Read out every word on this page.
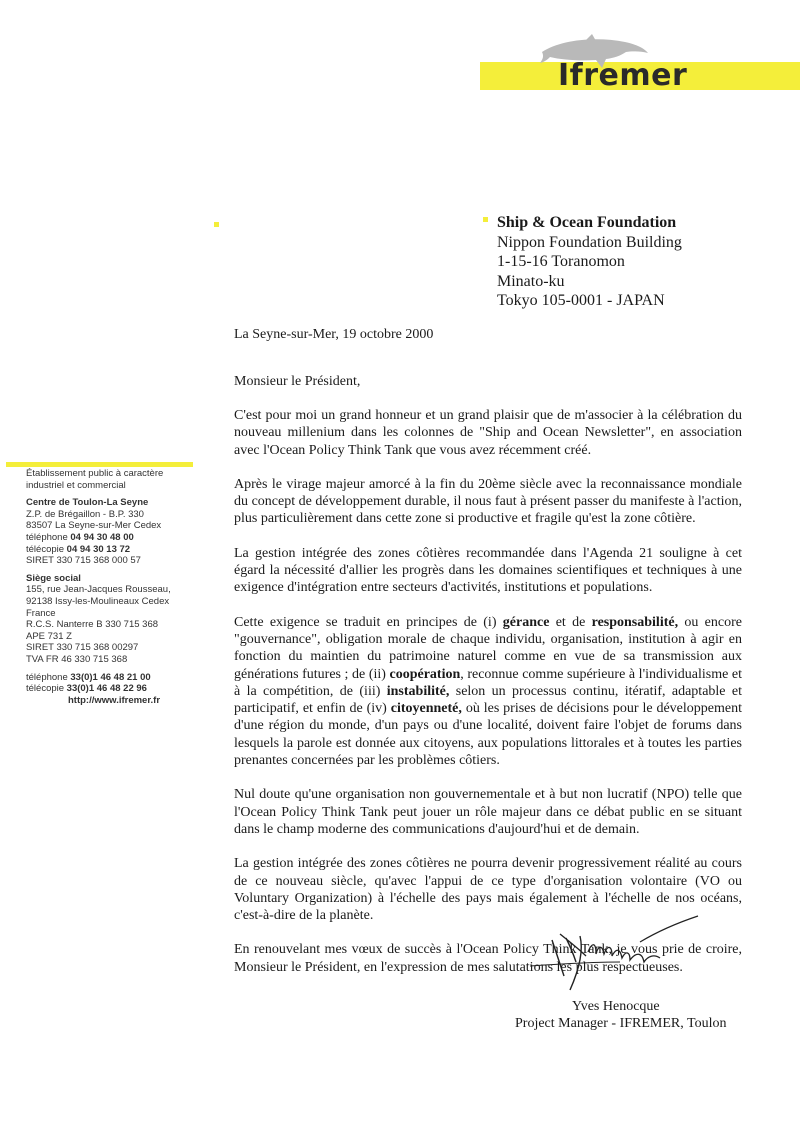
Ifremer
Ship & Ocean Foundation
Nippon Foundation Building
1-15-16 Toranomon
Minato-ku
Tokyo 105-0001 - JAPAN
La Seyne-sur-Mer, 19 octobre 2000
Monsieur le Président,

C'est pour moi un grand honneur et un grand plaisir que de m'associer à la célébration du nouveau millenium dans les colonnes de "Ship and Ocean Newsletter", en association avec l'Ocean Policy Think Tank que vous avez récemment créé.

Après le virage majeur amorcé à la fin du 20ème siècle avec la reconnaissance mondiale du concept de développement durable, il nous faut à présent passer du manifeste à l'action, plus particulièrement dans cette zone si productive et fragile qu'est la zone côtière.

La gestion intégrée des zones côtières recommandée dans l'Agenda 21 souligne à cet égard la nécessité d'allier les progrès dans les domaines scientifiques et techniques à une exigence d'intégration entre secteurs d'activités, institutions et populations.

Cette exigence se traduit en principes de (i) gérance et de responsabilité, ou encore "gouvernance", obligation morale de chaque individu, organisation, institution à agir en fonction du maintien du patrimoine naturel comme en vue de sa transmission aux générations futures ; de (ii) coopération, reconnue comme supérieure à l'individualisme et à la compétition, de (iii) instabilité, selon un processus continu, itératif, adaptable et participatif, et enfin de (iv) citoyenneté, où les prises de décisions pour le développement d'une région du monde, d'un pays ou d'une localité, doivent faire l'objet de forums dans lesquels la parole est donnée aux citoyens, aux populations littorales et à toutes les parties prenantes concernées par les problèmes côtiers.

Nul doute qu'une organisation non gouvernementale et à but non lucratif (NPO) telle que l'Ocean Policy Think Tank peut jouer un rôle majeur dans ce débat public en se situant dans le champ moderne des communications d'aujourd'hui et de demain.

La gestion intégrée des zones côtières ne pourra devenir progressivement réalité au cours de ce nouveau siècle, qu'avec l'appui de ce type d'organisation volontaire (VO ou Voluntary Organization) à l'échelle des pays mais également à l'échelle de nos océans, c'est-à-dire de la planète.

En renouvelant mes vœux de succès à l'Ocean Policy Think Tank, je vous prie de croire, Monsieur le Président, en l'expression de mes salutations les plus respectueuses.

Établissement public à caractère
industriel et commercial
Centre de Toulon-La Seyne
Z.P. de Brégaillon - B.P. 330
83507 La Seyne-sur-Mer Cedex
téléphone 04 94 30 48 00
télécopie 04 94 30 13 72
SIRET 330 715 368 000 57
Siège social
155, rue Jean-Jacques Rousseau,
92138 Issy-les-Moulineaux Cedex
France
R.C.S. Nanterre B 330 715 368
APE 731 Z
SIRET 330 715 368 00297
TVA FR 46 330 715 368
téléphone 33(0)1 46 48 21 00
télécopie 33(0)1 46 48 22 96
http://www.ifremer.fr
Yves Henocque
Project Manager - IFREMER, Toulon
